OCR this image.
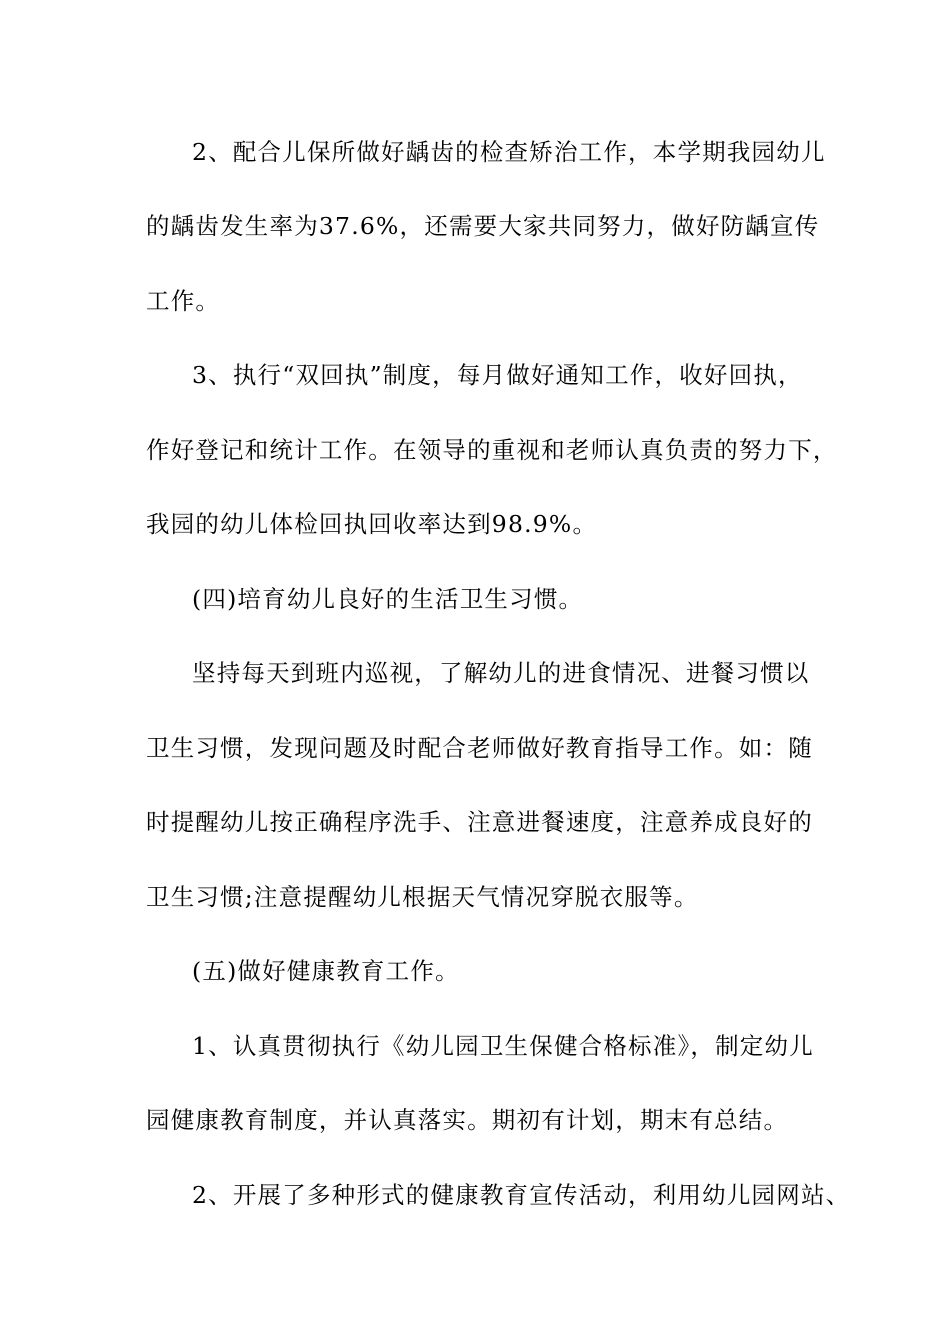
2、配合儿保所做好龋齿的检查矫治工作，本学期我园幼儿
的龋齿发生率为37.6%，还需要大家共同努力，做好防龋宣传
工作。
3、执行“双回执”制度，每月做好通知工作，收好回执，
作好登记和统计工作。在领导的重视和老师认真负责的努力下，
我园的幼儿体检回执回收率达到98.9%。
(四)培育幼儿良好的生活卫生习惯。
坚持每天到班内巡视，了解幼儿的进食情况、进餐习惯以
卫生习惯，发现问题及时配合老师做好教育指导工作。如：随
时提醒幼儿按正确程序洗手、注意进餐速度，注意养成良好的
卫生习惯;注意提醒幼儿根据天气情况穿脱衣服等。
(五)做好健康教育工作。
1、认真贯彻执行《幼儿园卫生保健合格标准》，制定幼儿
园健康教育制度，并认真落实。期初有计划，期末有总结。
2、开展了多种形式的健康教育宣传活动，利用幼儿园网站、
